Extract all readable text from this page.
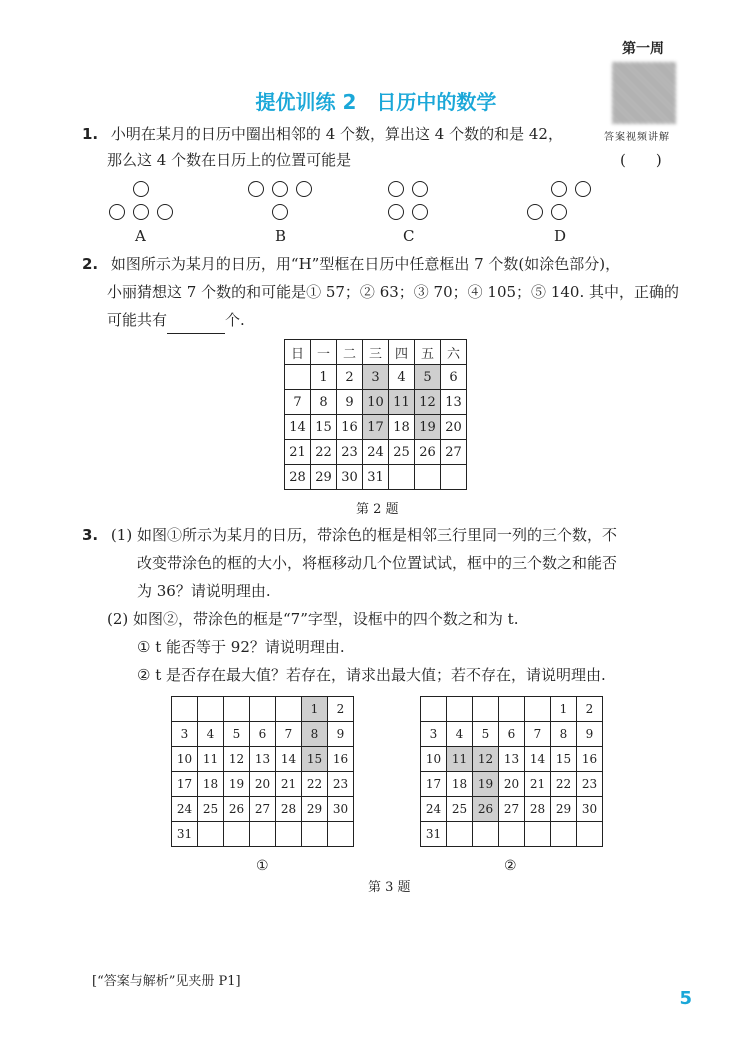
第一周
答案视频讲解
提优训练 2　日历中的数学
1. 小明在某月的日历中圈出相邻的 4 个数，算出这 4 个数的和是 42，
那么这 4 个数在日历上的位置可能是	(　　)
A	B	C	D
2. 如图所示为某月的日历，用“H”型框在日历中任意框出 7 个数(如涂色部分)，
小丽猜想这 7 个数的和可能是① 57；② 63；③ 70；④ 105；⑤ 140. 其中，正确的
可能共有	个.
日	一	二	三	四	五	六
	1	2	3	4	5	6
7	8	9	10	11	12	13
14	15	16	17	18	19	20
21	22	23	24	25	26	27
28	29	30	31			
第 2 题
3. (1) 如图①所示为某月的日历，带涂色的框是相邻三行里同一列的三个数，不
改变带涂色的框的大小，将框移动几个位置试试，框中的三个数之和能否
为 36？请说明理由.
(2) 如图②，带涂色的框是“7”字型，设框中的四个数之和为 t.
① t 能否等于 92？请说明理由.
② t 是否存在最大值？若存在，请求出最大值；若不存在，请说明理由.
					1	2
3	4	5	6	7	8	9
10	11	12	13	14	15	16
17	18	19	20	21	22	23
24	25	26	27	28	29	30
31						
①
					1	2
3	4	5	6	7	8	9
10	11	12	13	14	15	16
17	18	19	20	21	22	23
24	25	26	27	28	29	30
31						
②
第 3 题
[“答案与解析”见夹册 P1]
5
